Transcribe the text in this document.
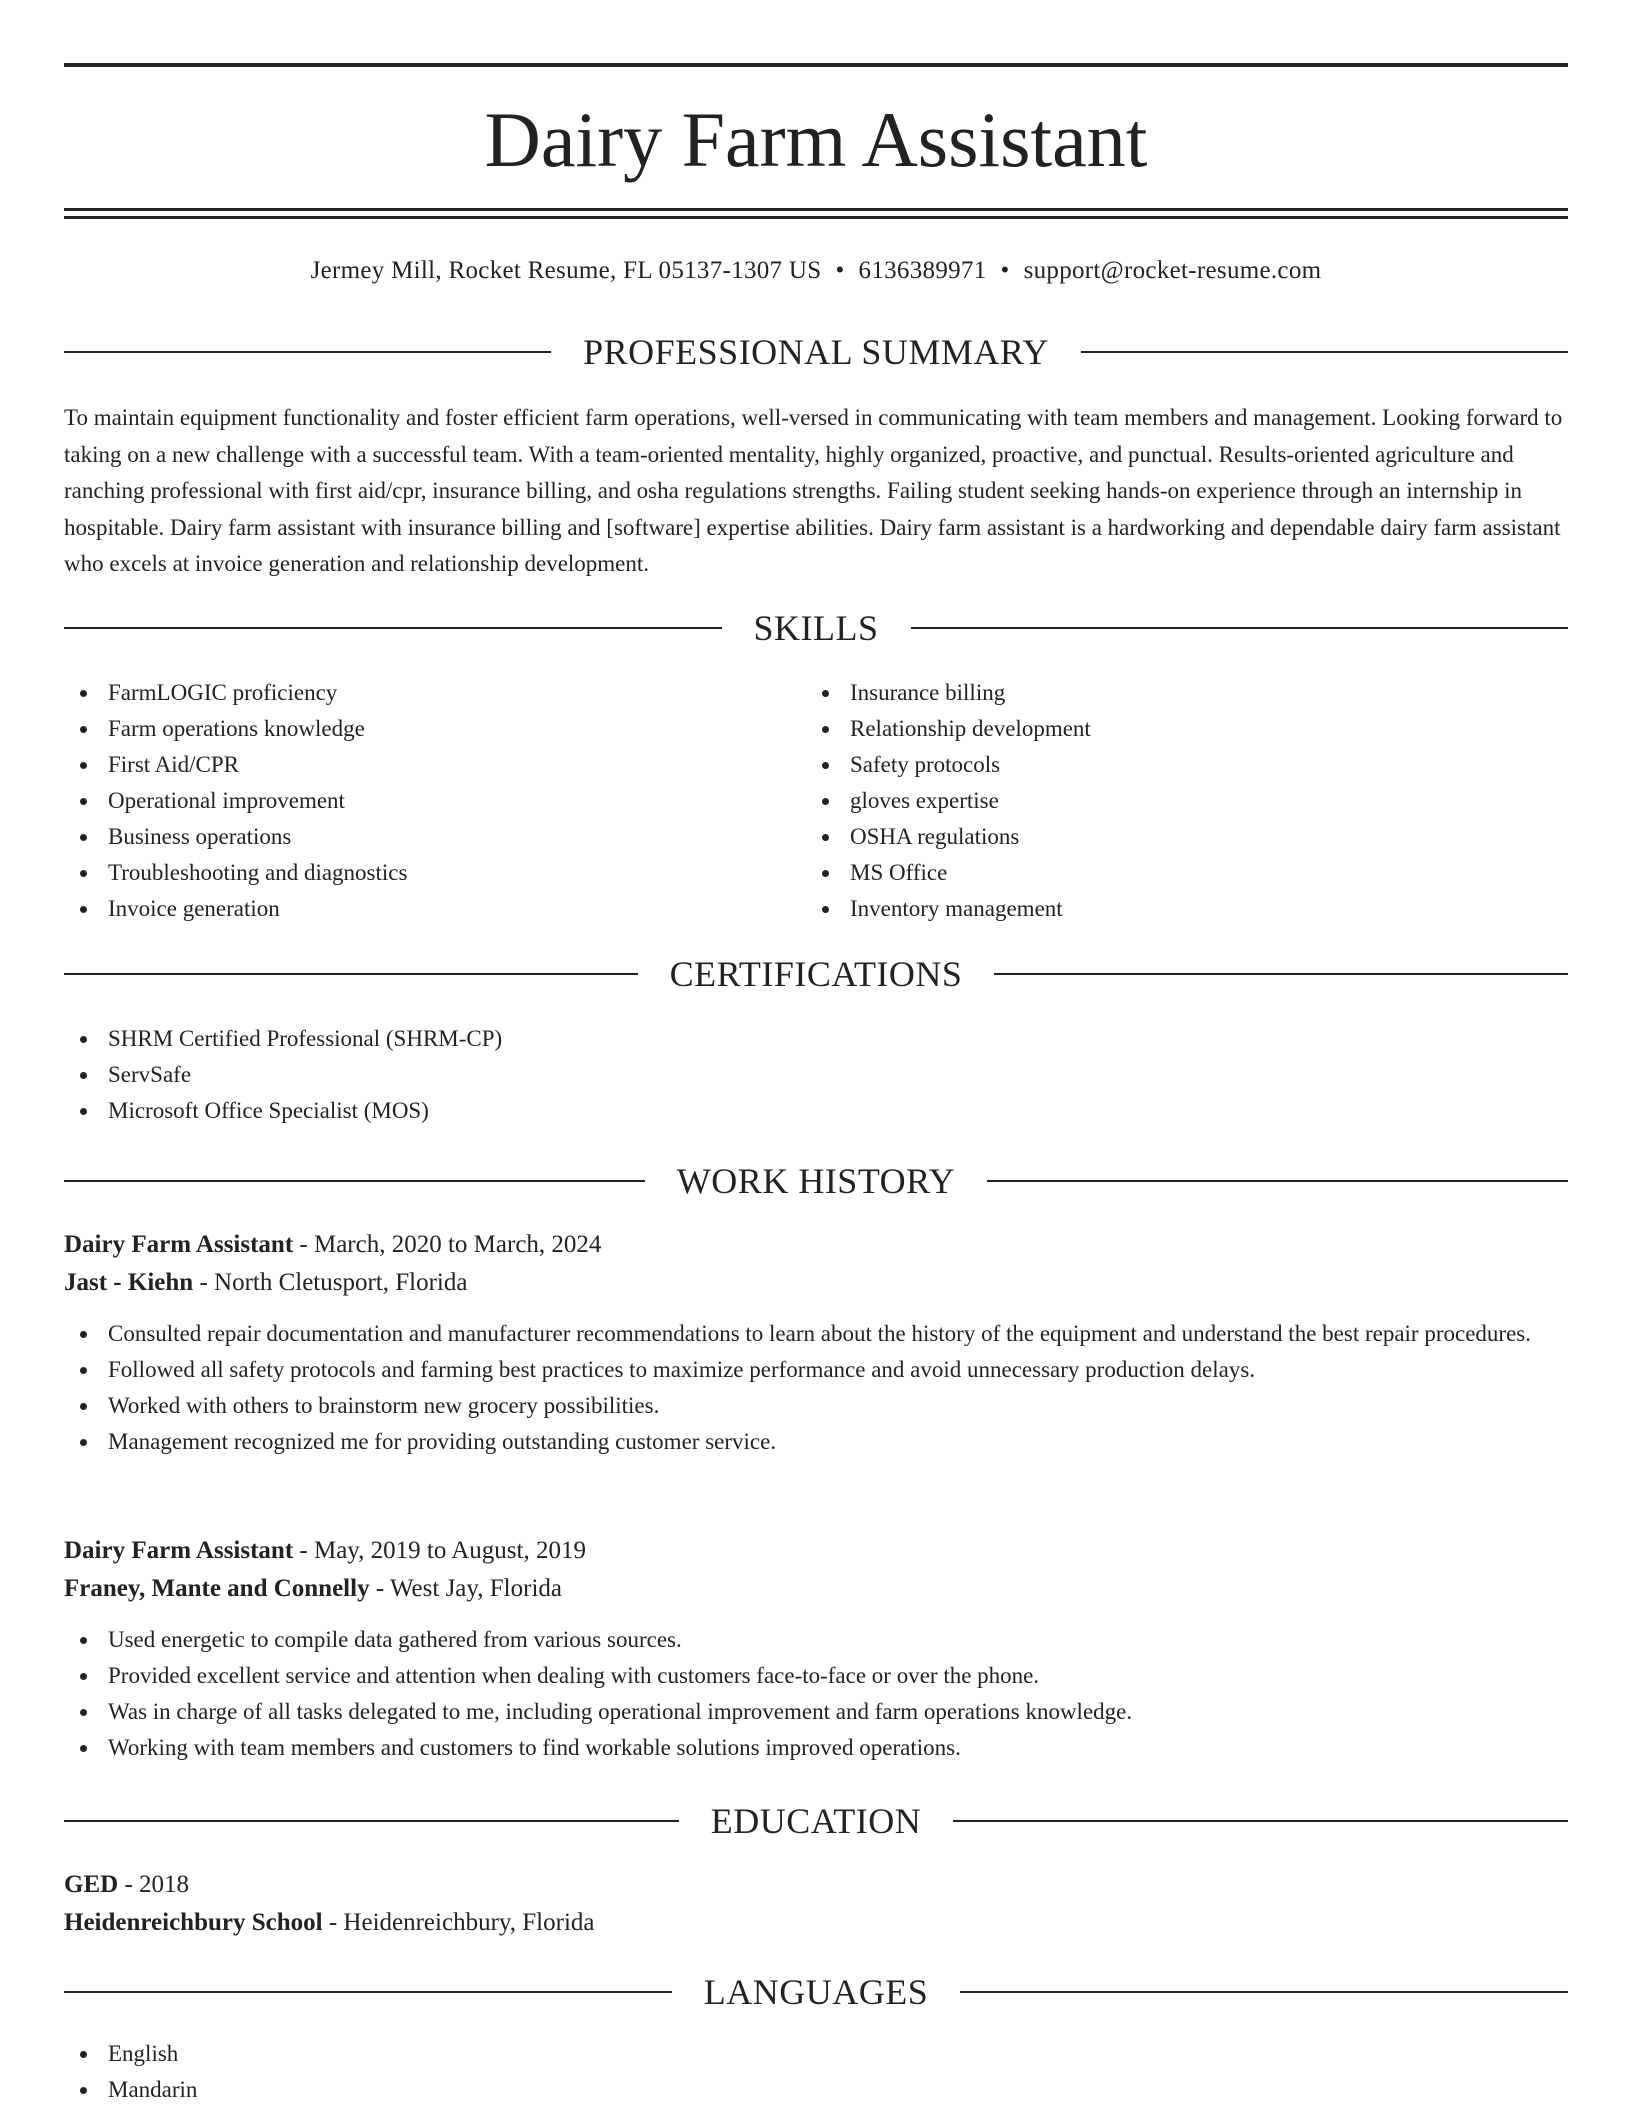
Dairy Farm Assistant
Jermey Mill, Rocket Resume, FL 05137-1307 US • 6136389971 • support@rocket-resume.com
PROFESSIONAL SUMMARY

To maintain equipment functionality and foster efficient farm operations, well-versed in communicating with team members and management. Looking forward to taking on a new challenge with a successful team. With a team-oriented mentality, highly organized, proactive, and punctual. Results-oriented agriculture and ranching professional with first aid/cpr, insurance billing, and osha regulations strengths. Failing student seeking hands-on experience through an internship in hospitable. Dairy farm assistant with insurance billing and [software] expertise abilities. Dairy farm assistant is a hardworking and dependable dairy farm assistant who excels at invoice generation and relationship development.

SKILLS
FarmLOGIC proficiency
Farm operations knowledge
First Aid/CPR
Operational improvement
Business operations
Troubleshooting and diagnostics
Invoice generation
Insurance billing
Relationship development
Safety protocols
gloves expertise
OSHA regulations
MS Office
Inventory management
CERTIFICATIONS
SHRM Certified Professional (SHRM-CP)
ServSafe
Microsoft Office Specialist (MOS)
WORK HISTORY
Dairy Farm Assistant - March, 2020 to March, 2024
Jast - Kiehn - North Cletusport, Florida
Consulted repair documentation and manufacturer recommendations to learn about the history of the equipment and understand the best repair procedures.
Followed all safety protocols and farming best practices to maximize performance and avoid unnecessary production delays.
Worked with others to brainstorm new grocery possibilities.
Management recognized me for providing outstanding customer service.
Dairy Farm Assistant - May, 2019 to August, 2019
Franey, Mante and Connelly - West Jay, Florida
Used energetic to compile data gathered from various sources.
Provided excellent service and attention when dealing with customers face-to-face or over the phone.
Was in charge of all tasks delegated to me, including operational improvement and farm operations knowledge.
Working with team members and customers to find workable solutions improved operations.
EDUCATION
GED - 2018
Heidenreichbury School - Heidenreichbury, Florida
LANGUAGES
English
Mandarin
